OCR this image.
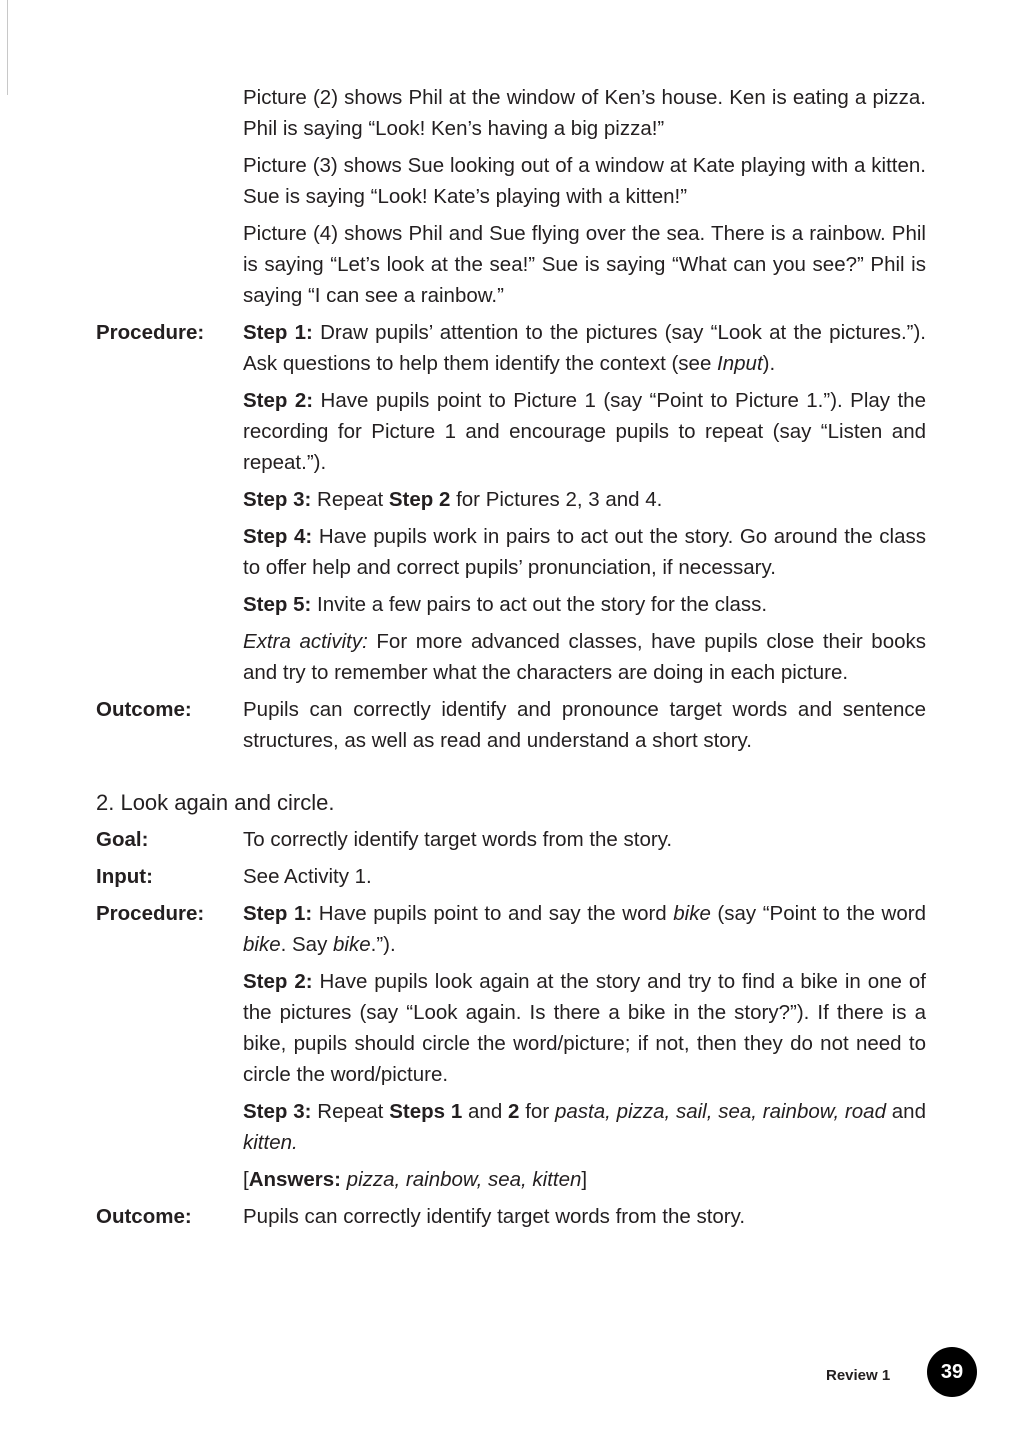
Picture (2) shows Phil at the window of Ken’s house. Ken is eating a pizza. Phil is saying “Look! Ken’s having a big pizza!”

Picture (3) shows Sue looking out of a window at Kate playing with a kitten. Sue is saying “Look! Kate’s playing with a kitten!”

Picture (4) shows Phil and Sue flying over the sea. There is a rainbow. Phil is saying “Let’s look at the sea!” Sue is saying “What can you see?” Phil is saying “I can see a rainbow.”

Procedure:	Step 1: Draw pupils’ attention to the pictures (say “Look at the pictures.”). Ask questions to help them identify the context (see Input).

Step 2: Have pupils point to Picture 1 (say “Point to Picture 1.”). Play the recording for Picture 1 and encourage pupils to repeat (say “Listen and repeat.”).

Step 3: Repeat Step 2 for Pictures 2, 3 and 4.

Step 4: Have pupils work in pairs to act out the story. Go around the class to offer help and correct pupils’ pronunciation, if necessary.

Step 5: Invite a few pairs to act out the story for the class.

Extra activity: For more advanced classes, have pupils close their books and try to remember what the characters are doing in each picture.

Outcome:	Pupils can correctly identify and pronounce target words and sentence structures, as well as read and understand a short story.

2. Look again and circle.
Goal:	To correctly identify target words from the story.

Input:	See Activity 1.

Procedure:	Step 1: Have pupils point to and say the word bike (say “Point to the word bike. Say bike.”).

Step 2: Have pupils look again at the story and try to find a bike in one of the pictures (say “Look again. Is there a bike in the story?”). If there is a bike, pupils should circle the word/picture; if not, then they do not need to circle the word/picture.

Step 3: Repeat Steps 1 and 2 for pasta, pizza, sail, sea, rainbow, road and kitten.

[Answers: pizza, rainbow, sea, kitten]

Outcome:	Pupils can correctly identify target words from the story.

Review 1	39
